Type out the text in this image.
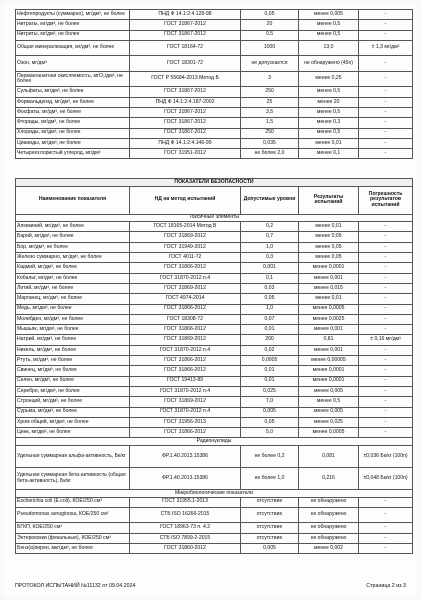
Нефтепродукты (суммарно), мг/дм³, не более	ПНД Ф 14.1:2:4.128-98	0,05	менее 0,005	-
Нитраты, мг/дм³, не более	ГОСТ 31867-2012	20	менее 0,5	-
Нитриты, мг/дм³, не более	ГОСТ 31867-2012	0,5	менее 0,5	-
Общая минерализация, мг/дм³, не более	ГОСТ 18164-72	1000	13,0	± 1,3 мг/дм³
Озон, мг/дм³	ГОСТ 18301-72	не допускается	не обнаружено (45п)	-
Перманганатная окисляемость, мгО₂/дм³, не более	ГОСТ Р 55684-2013 Метод Б	3	менее 0,25	-
Сульфаты, мг/дм³, не более	ГОСТ 31867-2012	250	менее 0,5	-
Формальдегид, мг/дм³, не более	ПНД Ф 14.1:2:4.187-2002	25	менее 20	-
Фосфаты, мг/дм³, не более	ГОСТ 31867-2012	3,5	менее 0,5	-
Фториды, мг/дм³, не более	ГОСТ 31867-2012	1,5	менее 0,3	-
Хлориды, мг/дм³, не более	ГОСТ 31867-2012	250	менее 0,5	-
Цианиды, мг/дм³, не более	ПНД Ф 14.1:2:4.146-99	0,035	менее 0,01	-
Четыреххлористый углерод, мг/дм³	ГОСТ 31951-2012	не более 2,0	менее 0,1	-
ПОКАЗАТЕЛИ БЕЗОПАСНОСТИ				
Наименование показателя	НД на метод испытаний	Допустимые уровни	Результаты испытаний	Погрешность результатов испытаний
Токсичные элементы				
Алюминий, мг/дм³, не более	ГОСТ 18165-2014 Метод В	0,2	менее 0,01	-
Барий, мг/дм³, не более	ГОСТ 31869-2012	0,7	менее 0,05	-
Бор, мг/дм³, не более	ГОСТ 31949-2012	1,0	менее 0,05	-
Железо суммарно, мг/дм³, не более	ГОСТ 4011-72	0,3	менее 0,05	-
Кадмий, мг/дм³, не более	ГОСТ 31866-2012	0,001	менее 0,0001	-
Кобальт, мг/дм³, не более	ГОСТ 31870-2012 п.4	0,1	менее 0,001	-
Литий, мг/дм³, не более	ГОСТ 31869-2012	0,03	менее 0,015	-
Марганец, мг/дм³, не более	ГОСТ 4974-2014	0,05	менее 0,01	-
Медь, мг/дм³, не более	ГОСТ 31866-2012	1,0	менее 0,0005	-
Молибден, мг/дм³, не более	ГОСТ 18308-72	0,07	менее 0,0025	-
Мышьяк, мг/дм³, не более	ГОСТ 31866-2012	0,01	менее 0,001	-
Натрий, мг/дм³, не более	ГОСТ 31869-2012	200	0,81	± 0,16 мг/дм³
Никель, мг/дм³, не более	ГОСТ 31870-2012 п.4	0,02	менее 0,001	-
Ртуть, мг/дм³, не более	ГОСТ 31866-2012	0,0005	менее 0,00005	-
Свинец, мг/дм³, не более	ГОСТ 31866-2012	0,01	менее 0,0001	-
Селен, мг/дм³, не более	ГОСТ 19413-89	0,01	менее 0,0001	-
Серебро, мг/дм³, не более	ГОСТ 31870-2012 п.4	0,025	менее 0,005	-
Стронций, мг/дм³, не более	ГОСТ 31869-2012	7,0	менее 0,5	-
Сурьма, мг/дм³, не более	ГОСТ 31870-2012 п.4	0,005	менее 0,005	-
Хром общий, мг/дм³, не более	ГОСТ 31956-2013	0,05	менее 0,025	-
Цинк, мг/дм³, не более	ГОСТ 31866-2012	5,0	менее 0,0005	-
Радионуклиды				
Удельная суммарная альфа-активность, Бк/кг	ФР.1.40.2013.15386	не более 0,2	0,081	±0,036 Бк/кг (100п)
Удельная суммарная бета-активность (общая бета-активность), Бк/кг	ФР.1.40.2013.15386	не более 1,0	0,216	±0,048 Бк/кг (100п)
Микробиологические показатели				
Escherichia coli (E.coli), КОЕ/250 см³	ГОСТ 31955.1-2013	отсутствие	не обнаружено	-
Pseudomonas aeruginosa, КОЕ/250 см³	СТБ ISO 16266-2015	отсутствие	не обнаружено	-
БГКП, КОЕ/250 см³	ГОСТ 18963-73 п. 4.2	отсутствие	не обнаружено	-
Энтерококки (фекальные), КОЕ/250 см³	СТБ ISO 7899-2-2015	отсутствие	не обнаружено	-
Бенз(а)пирен, мкг/дм³, не более	ГОСТ 31860-2012	0,005	менее 0,002	-
ПРОТОКОЛ ИСПЫТАНИЙ №11132 от 09.04.2024	Страница 2 из 3
